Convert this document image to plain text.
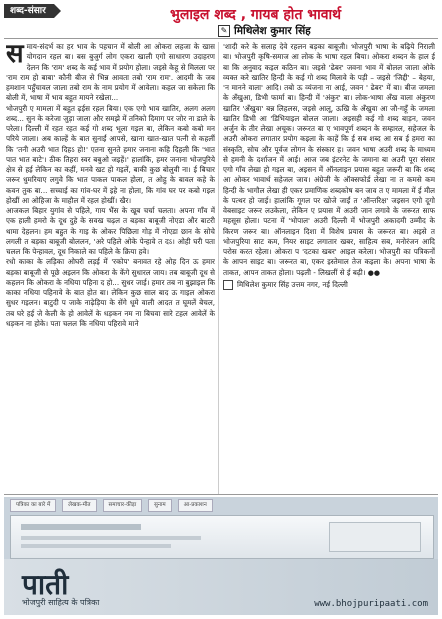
शब्द-संसार	भुलाइल शब्द , गायब होत भावार्थ
✎ मिथिलेश कुमार सिंह
स माय-संदर्भ का हर भाव के पहचान में बोली आ ओकरा लहजा के खास योगदान रहल बा। बस बुजुर्ग लोग एकरा खाली एगो साधारण उदाहरण देलन कि 'राम' शब्द के कई भाव में प्रयोग होला। जइसे केहू से मिलला पर 'राम राम हो बाबा' कौनी बीज से भिन्न आवता तबो 'राम राम'. आदमी के जब हमशान पहुँचावल जाला तबो राम के नाम प्रयोग में आवेला। कहल जा सकेला कि बोली में, भाषा में भाव बहुत मायने रखेला...

भोजपुरी ए मामला में बहुत ढ़ईस रहल बिया। एक एगो भाव खातिर, अलग अलग शब्द... सुन के करेजा जुड़ा जाला और समझे में तनिको दिमाग पर जोर ना डाले के परेला। दिल्ली में रहत रहत कई गो शब्द भूला गइल बा, लेकिन कबो कबो मन परिये जाला। अब काल्हें के बात सुनाईं आपसे, खाना खात-खात पत्नी से कहलीं कि 'तनी अउरी भात दिहऽ हो!' एतना सुनते हमार जनाना कहि दिहली कि 'भात पात भात बाटे'। ठीक तिहरा स्वर बबुओ जइहें।' हालांकि, हमर जनाना भोजपुरिये क्षेत्र से हई लेकिन का कहीं, मनवे खट हो गइलें, बाकी कुछ बोलुवी ना। ई बिचार जरूर धुमरियाए लगुवे कि भात पाकल पाकल होला, त ओहु के बावल कहे के कवन तुक बा... सच्चाई का गांव-घर में इहे ना होला, कि गांव घर पर कबो गइल होखीं आ ओहिजा के माहौल में रहल होखीं। खैर।

आजकल बिहार युगांव से पहिले, गाय भैंस के खूब चर्चा चलता। अपना गाँव में एक हाली हमरो के दूध दुहे के सवख चढ़ल त बड़का बाबूजी नोएडा और बाटरी थामा देहलन। हम बहुत के गाइ के ओकर पिछिला गोड़ में नोएडा छान के सोचे लगली त बड़का बाबूजी बोललन, 'अरे पहिले ओके पेन्हावे त दऽ। ओही घरी पता चलल कि पेन्हावल, दूध निकाले का पहिले के क्रिया हवे।

रधो काका के लड़िका ओघरी लड़ई में 'रकोप' बनावत रहे ओह दिन ऊ हमार बड़का बाबूजी से पूछे अइलन कि ओकरा के केंगे सुधारल जाय। तब बाबूजी दूध से कहलन कि ओकरा के नधिया पहिना द हो... सुधर जाई। हमार तब ना बुझाइल कि काका नधिया पहिनावे के बात होत बा। लेकिन कुछ साल बाद ऊ गाइल ओकरा सुधर गइलन। बाटुदी प जाके नाढ़ेड़िया के सेंगे धूमे वाली आदत त घूमलें बेचल, तब घरे हई जे केली के हो आवेलें के धड़कन नम ना बिचवा सारे टहल आवेलें के धड़कन ना होके। पता चलल कि नधिया पहिरावे माने

'शादी करे के सलाह देवे रहलन बड़का बाबूजी। भोजपुरी भाषा के बढ़िये निराली बा। भोजपुरी कृषि-समाज आ लोक के भाषा रहल बिया। ओकरा शब्दन के हाल ई बा कि अनुवाद कइल कठिन बा। जइसे 'ढेबर' जवना भाव में बोलल जाला ओके व्यक्त करे खातिर हिन्दी के कई गो शब्द मिलावे के पड़ी – जइसे 'जिद्दी' – बेहया, 'न मानने वाला' आदि। तबो ऊ व्यंजना ना आई, जवन ' ढेबर' में बा। बीज जमला के अँखुआ, डिभी फार्मा बा। हिन्दी में 'अंकुर' बा। लोक-भाषा अँख वाला अंकुरण खातिर 'अँखुवा' बन्न लिहलस, जइसे आलू, ऊखि के अँखुवा आ जौ-गहूँ के जमला खातिर डिभी आ 'डिभियाइल बोलल जाला। अइसही कई गो शब्द बाड़न, जवन अर्जुन के तीर लेखा अचूक। जरूरत बा ए भावपूर्ण शब्दन के सम्हारल, सहेजल के अउरी ओकरा लगातार प्रयोग कइला के काहें कि ई सब शब्द आ सब ई हमरा का संस्कृति, सोच और पूर्वज लोगन के संस्कार ह। जवन भाषा अउरी शब्द के माध्यम से हमनी के दर्शाजन में आई। आज जब इंटरनेट के जमाना बा अउरी पूरा संसार एगो गाँव लेखा हो गइल बा, अइसन में ऑनलाइन प्रयास बहुत जरूरी बा कि शब्द आ ओकर भावार्थ सहेजल जाव। अंग्रेजी के ऑक्सफोर्ड लेखा ना त कमसे कम हिन्दी के भागौल लेखा ही एकर प्रमाणिक शब्दकोष बन जाव त ए मामला में ई मील के पत्थर हो जाई। हालांकि गूगल पर खोजे जाईं त 'ऑन्तरिक्ष' जइसन एगो दूगो वेबसाइट जरूर लउकेला, लेकिन ए प्रयास में अउरी जान लगावे के जरूरत साफ महसूस होला। पटना में 'भोपाल' अउरी दिल्ली में भोजपुरी अकादमी उम्मीद के किरण जरूर बा। ऑनलाइन दिशा में विशेष प्रयास के जरूरत बा। अइसे त भोजपुरिया साट कम, नियर साइट लगातार खबर, साहित्य सब, मनोरंजन आदि परोस करत रहेला। ओकरा प 'दटका खबर' आइल करेला। भोजपुरी का पत्रिकनों के आपन साइट बा। जरूरत बा, एकर इस्तेमाल तेज कइला के। अपना भाषा के ताकत, आपन ताकत होला। पढ़ली - लिखलीं से ई बढ़ी। ●●

मिथिलेश कुमार सिंह उत्तम नगर, नई दिल्ली
पत्रिका का बारे में	लेखक-मीत	समाचार-कीड़ा	सुनाम	आ-प्रकाशन
पाती
भोजपुरी साहित्य के पत्रिका	www.bhojpuripaati.com
